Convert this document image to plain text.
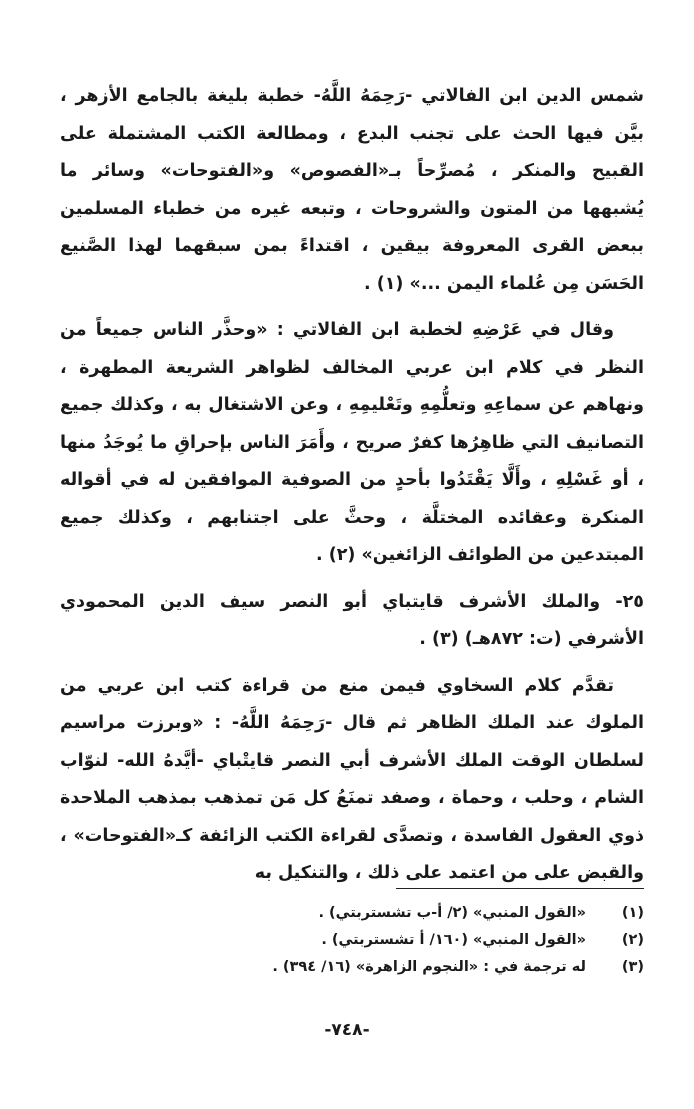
شمس الدين ابن الفالاتي -رَحِمَهُ اللَّهُ- خطبة بليغة بالجامع الأزهر ، بيَّن فيها الحث على تجنب البدع ، ومطالعة الكتب المشتملة على القبيح والمنكر ، مُصرِّحاً بـ«الفصوص» و«الفتوحات» وسائر ما يُشبهها من المتون والشروحات ، وتبعه غيره من خطباء المسلمين ببعض القرى المعروفة بيقين ، اقتداءً بمن سبقهما لهذا الصَّنيع الحَسَن مِن عُلماء اليمن ...» (١) .

وقال في عَرْضِهِ لخطبة ابن الفالاتي : «وحذَّر الناس جميعاً من النظر في كلام ابن عربي المخالف لظواهر الشريعة المطهرة ، ونهاهم عن سماعِهِ وتعلُّمِهِ وتَعْليمِهِ ، وعن الاشتغال به ، وكذلك جميع التصانيف التي ظاهِرُها كفرٌ صريح ، وأَمَرَ الناس بإحراقِ ما يُوجَدُ منها ، أو غَسْلِهِ ، وأَلَّا يَقْتَدُوا بأحدٍ من الصوفية الموافقين له في أقواله المنكرة وعقائده المختلَّة ، وحثَّ على اجتنابهم ، وكذلك جميع المبتدعين من الطوائف الزائغين» (٢) .

٢٥- والملك الأشرف قايتباي أبو النصر سيف الدين المحمودي الأشرفي (ت: ٨٧٢هـ) (٣) .

تقدَّم كلام السخاوي فيمن منع من قراءة كتب ابن عربي من الملوك عند الملك الظاهر ثم قال -رَحِمَهُ اللَّهُ- : «وبرزت مراسيم لسلطان الوقت الملك الأشرف أبي النصر قايتْباي -أيَّدهُ الله- لنوّاب الشام ، وحلب ، وحماة ، وصفد تمنَعُ كل مَن تمذهب بمذهب الملاحدة ذوي العقول الفاسدة ، وتصدَّى لقراءة الكتب الزائفة كـ«الفتوحات» ، والقبض على من اعتمد على ذلك ، والتنكيل به

(١)
«القول المنبي» (٢/ أ-ب تشستربتي) .
(٢)
«القول المنبي» (١٦٠/ أ تشستربتي) .
(٣)
له ترجمة في : «النجوم الزاهرة» (١٦/ ٣٩٤) .
-٧٤٨-
